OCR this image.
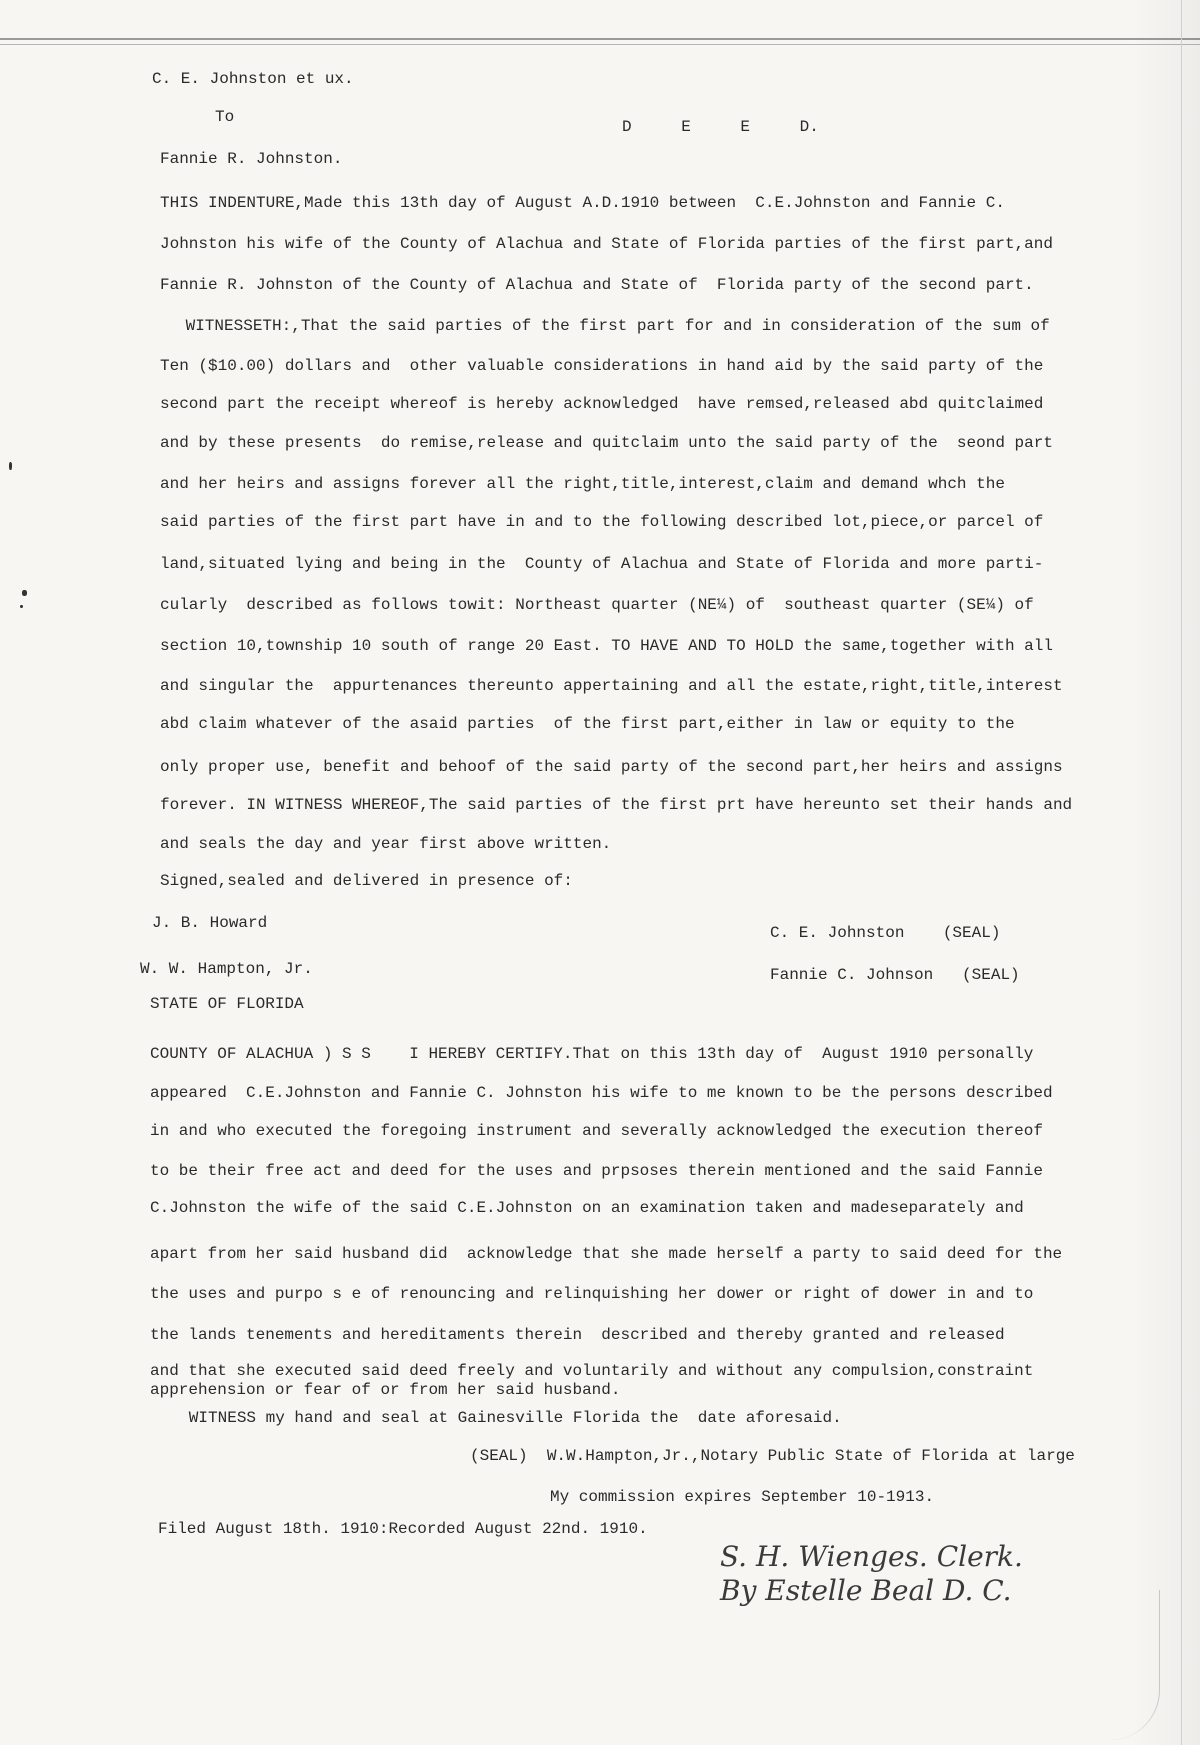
C. E. Johnston et ux.
To
D E E D.
Fannie R. Johnston.
THIS INDENTURE,Made this 13th day of August A.D.1910 between  C.E.Johnston and Fannie C.
Johnston his wife of the County of Alachua and State of Florida parties of the first part,and
Fannie R. Johnston of the County of Alachua and State of  Florida party of the second part.
WITNESSETH:,That the said parties of the first part for and in consideration of the sum of
Ten ($10.00) dollars and  other valuable considerations in hand aid by the said party of the
second part the receipt whereof is hereby acknowledged  have remsed,released abd quitclaimed
and by these presents  do remise,release and quitclaim unto the said party of the  seond part
and her heirs and assigns forever all the right,title,interest,claim and demand whch the
said parties of the first part have in and to the following described lot,piece,or parcel of
land,situated lying and being in the  County of Alachua and State of Florida and more parti-
cularly  described as follows towit: Northeast quarter (NE¼) of  southeast quarter (SE¼) of
section 10,township 10 south of range 20 East. TO HAVE AND TO HOLD the same,together with all
and singular the  appurtenances thereunto appertaining and all the estate,right,title,interest
abd claim whatever of the asaid parties  of the first part,either in law or equity to the
only proper use, benefit and behoof of the said party of the second part,her heirs and assigns
forever. IN WITNESS WHEREOF,The said parties of the first prt have hereunto set their hands and
and seals the day and year first above written.
Signed,sealed and delivered in presence of:
J. B. Howard
C. E. Johnston    (SEAL)
W. W. Hampton, Jr.	Fannie C. Johnson   (SEAL)
STATE OF FLORIDA
COUNTY OF ALACHUA ) S S    I HEREBY CERTIFY.That on this 13th day of  August 1910 personally
appeared  C.E.Johnston and Fannie C. Johnston his wife to me known to be the persons described
in and who executed the foregoing instrument and severally acknowledged the execution thereof
to be their free act and deed for the uses and prpsoses therein mentioned and the said Fannie
C.Johnston the wife of the said C.E.Johnston on an examination taken and madeseparately and
apart from her said husband did  acknowledge that she made herself a party to said deed for the
the uses and purpo s e of renouncing and relinquishing her dower or right of dower in and to
the lands tenements and hereditaments therein  described and thereby granted and released
and that she executed said deed freely and voluntarily and without any compulsion,constraint
apprehension or fear of or from her said husband.
WITNESS my hand and seal at Gainesville Florida the  date aforesaid.
(SEAL)  W.W.Hampton,Jr.,Notary Public State of Florida at large
My commission expires September 10-1913.
Filed August 18th. 1910:Recorded August 22nd. 1910.
S. H. Wienges. Clerk.
By Estelle Beal D. C.
